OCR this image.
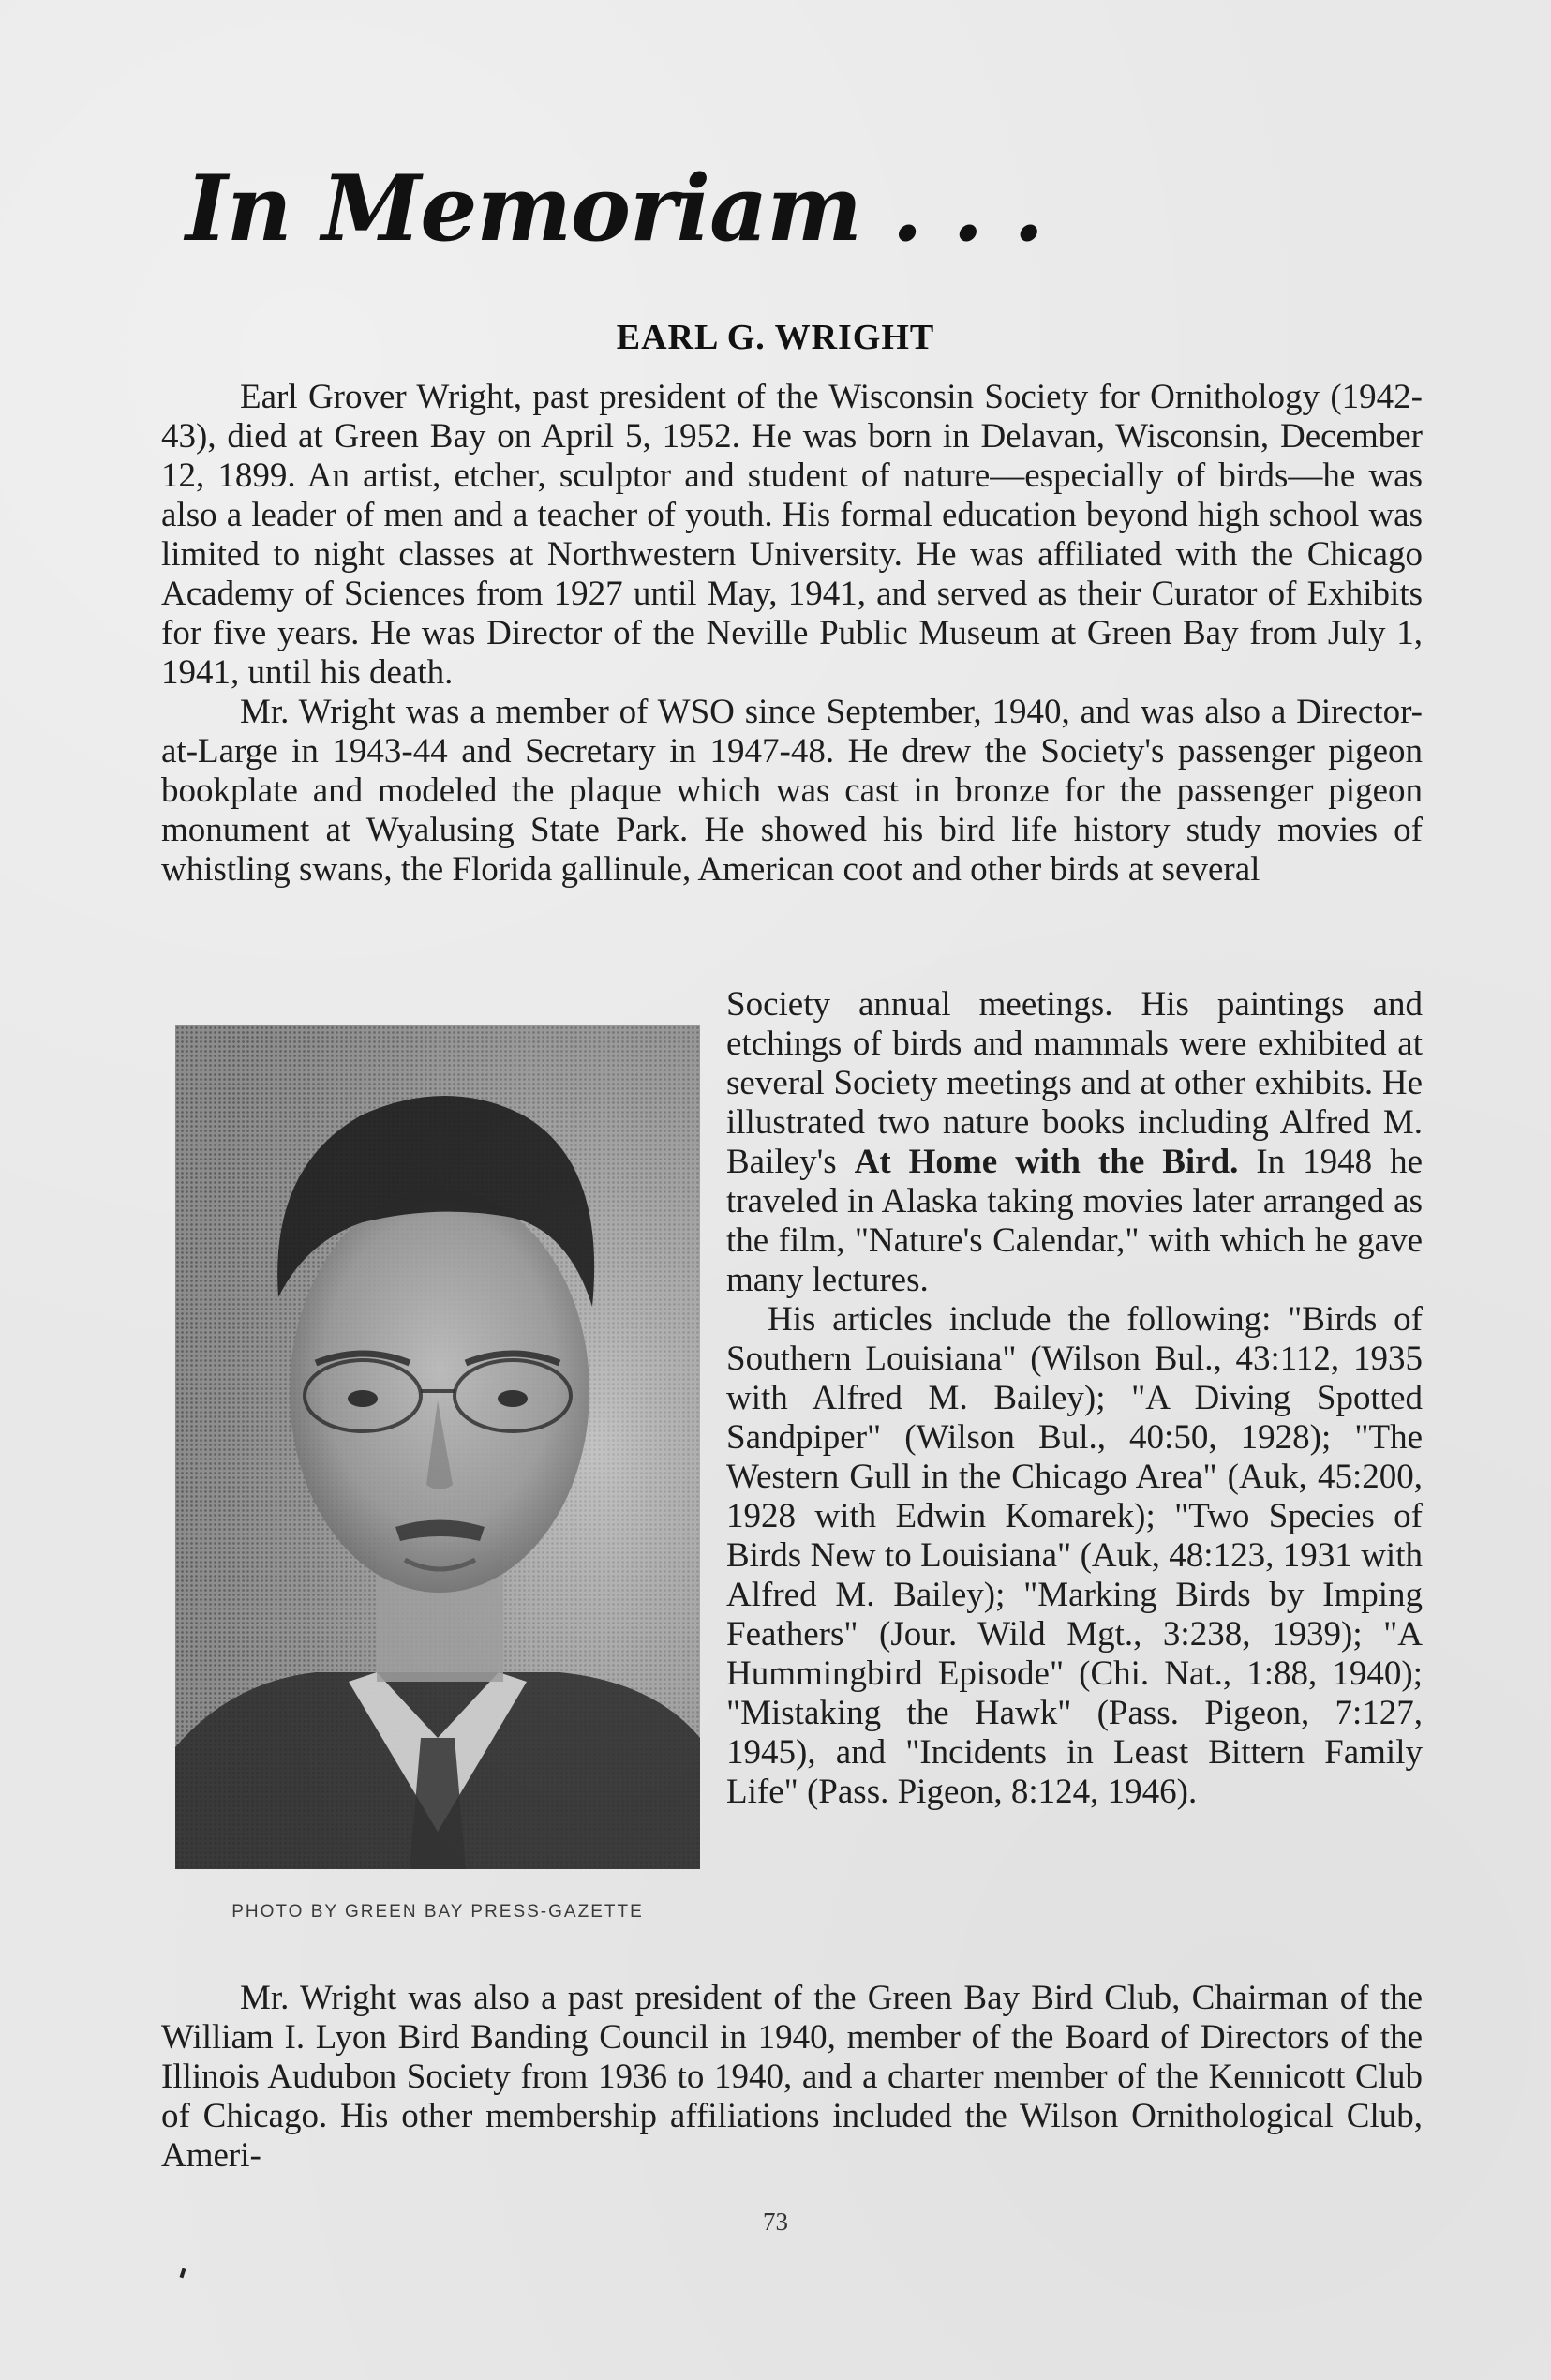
In Memoriam . . .
EARL G. WRIGHT

Earl Grover Wright, past president of the Wisconsin Society for Ornithology (1942-43), died at Green Bay on April 5, 1952. He was born in Delavan, Wisconsin, December 12, 1899. An artist, etcher, sculptor and student of nature—especially of birds—he was also a leader of men and a teacher of youth. His formal education beyond high school was limited to night classes at Northwestern University. He was affiliated with the Chicago Academy of Sciences from 1927 until May, 1941, and served as their Curator of Exhibits for five years. He was Director of the Neville Public Museum at Green Bay from July 1, 1941, until his death.

Mr. Wright was a member of WSO since September, 1940, and was also a Director-at-Large in 1943-44 and Secretary in 1947-48. He drew the Society's passenger pigeon bookplate and modeled the plaque which was cast in bronze for the passenger pigeon monument at Wyalusing State Park. He showed his bird life history study movies of whistling swans, the Florida gallinule, American coot and other birds at several

PHOTO BY GREEN BAY PRESS-GAZETTE

Society annual meetings. His paintings and etchings of birds and mammals were exhibited at several Society meetings and at other exhibits. He illustrated two nature books including Alfred M. Bailey's At Home with the Bird. In 1948 he traveled in Alaska taking movies later arranged as the film, "Nature's Calendar," with which he gave many lectures.

His articles include the following: "Birds of Southern Louisiana" (Wilson Bul., 43:112, 1935 with Alfred M. Bailey); "A Diving Spotted Sandpiper" (Wilson Bul., 40:50, 1928); "The Western Gull in the Chicago Area" (Auk, 45:200, 1928 with Edwin Komarek); "Two Species of Birds New to Louisiana" (Auk, 48:123, 1931 with Alfred M. Bailey); "Marking Birds by Imping Feathers" (Jour. Wild Mgt., 3:238, 1939); "A Hummingbird Episode" (Chi. Nat., 1:88, 1940); "Mistaking the Hawk" (Pass. Pigeon, 7:127, 1945), and "Incidents in Least Bittern Family Life" (Pass. Pigeon, 8:124, 1946).

Mr. Wright was also a past president of the Green Bay Bird Club, Chairman of the William I. Lyon Bird Banding Council in 1940, member of the Board of Directors of the Illinois Audubon Society from 1936 to 1940, and a charter member of the Kennicott Club of Chicago. His other membership affiliations included the Wilson Ornithological Club, Ameri-

73
